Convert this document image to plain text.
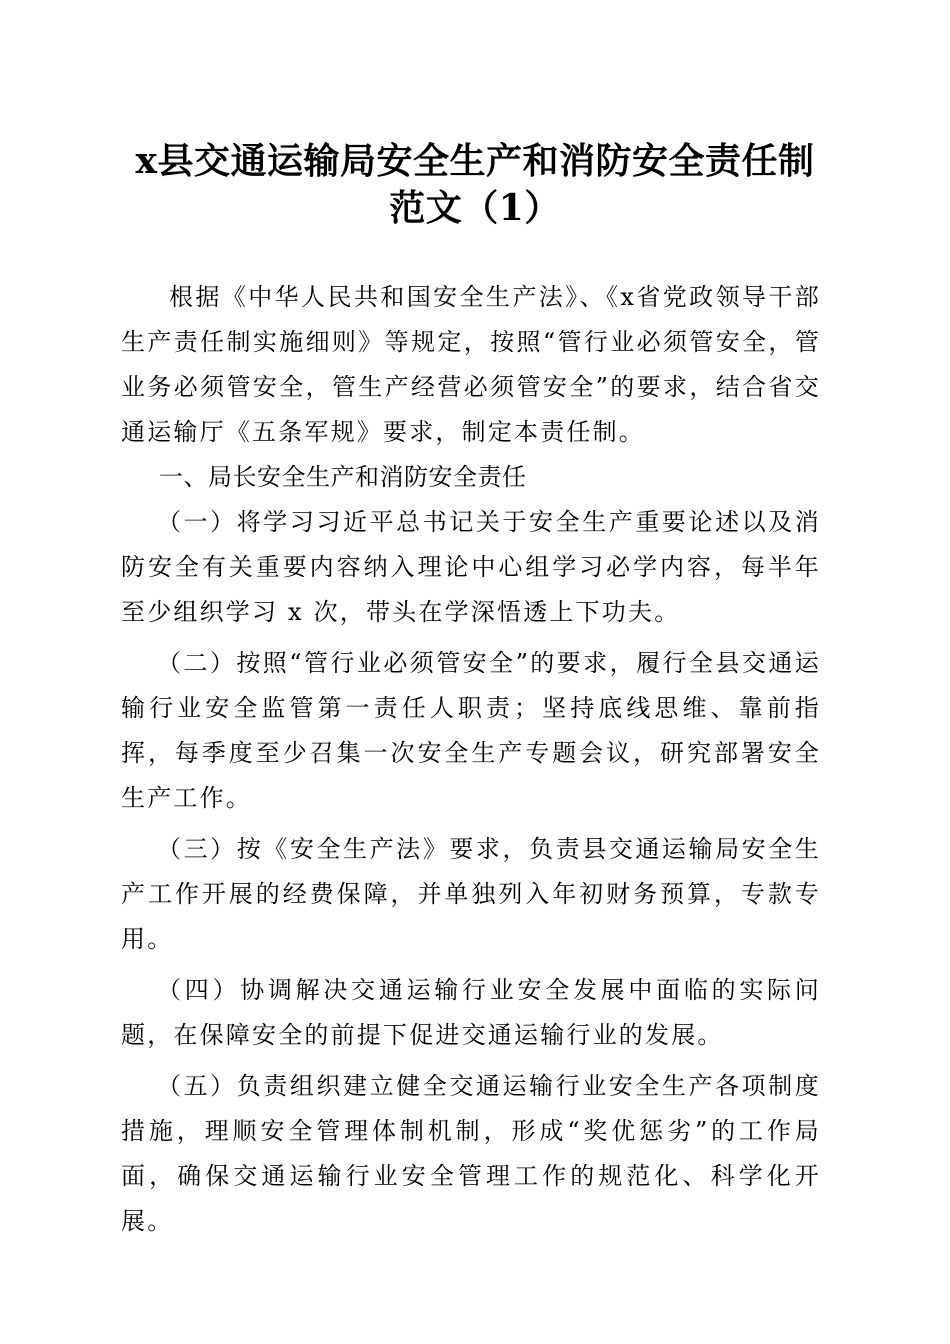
x县交通运输局安全生产和消防安全责任制范文（1）

根据《中华人民共和国安全生产法》、《x省党政领导干部生产责任制实施细则》等规定，按照“管行业必须管安全，管业务必须管安全，管生产经营必须管安全”的要求，结合省交通运输厅《五条军规》要求，制定本责任制。

一、局长安全生产和消防安全责任

（一）将学习习近平总书记关于安全生产重要论述以及消防安全有关重要内容纳入理论中心组学习必学内容，每半年至少组织学习 x 次，带头在学深悟透上下功夫。

（二）按照“管行业必须管安全”的要求，履行全县交通运输行业安全监管第一责任人职责；坚持底线思维、靠前指挥，每季度至少召集一次安全生产专题会议，研究部署安全生产工作。

（三）按《安全生产法》要求，负责县交通运输局安全生产工作开展的经费保障，并单独列入年初财务预算，专款专用。

（四）协调解决交通运输行业安全发展中面临的实际问题，在保障安全的前提下促进交通运输行业的发展。

（五）负责组织建立健全交通运输行业安全生产各项制度措施，理顺安全管理体制机制，形成“奖优惩劣”的工作局面，确保交通运输行业安全管理工作的规范化、科学化开展。
